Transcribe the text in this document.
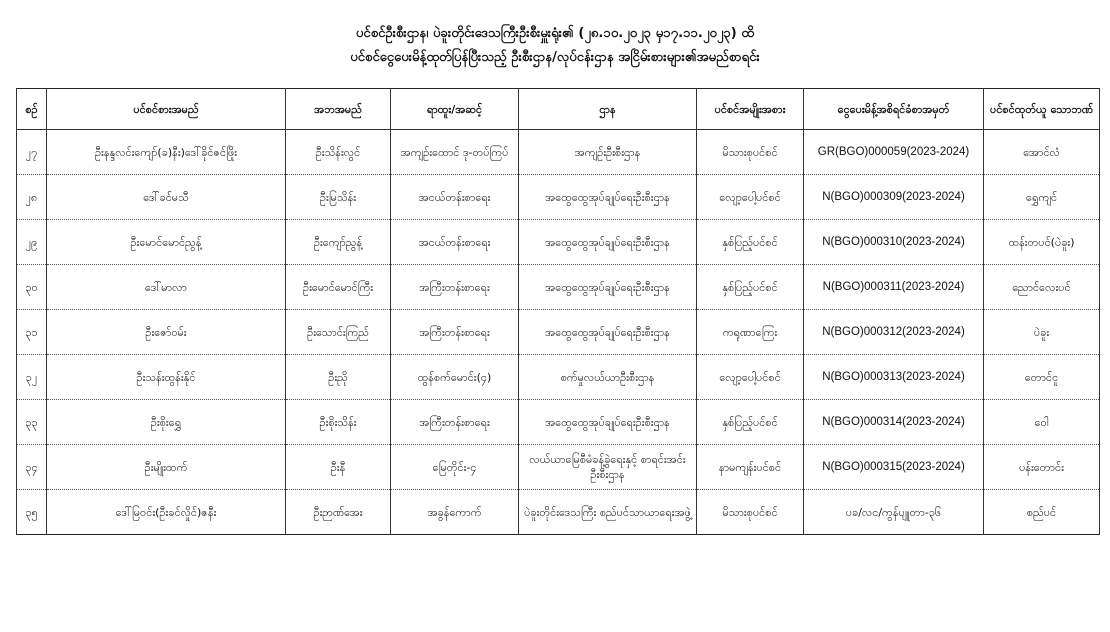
ပင်စင်ဦးစီးဌာန၊ ပဲခူးတိုင်းဒေသကြီးဦးစီးမှူးရုံး၏ (၂၈.၁၀.၂၀၂၃ မှ၁၇.၁၁.၂၀၂၃) ထိ
ပင်စင်ငွေပေးမိန့်ထုတ်ပြန်ပြီးသည့် ဦးစီးဌာန/လုပ်ငန်းဌာန အငြိမ်းစားများ၏အမည်စာရင်း
စဉ်	ပင်စင်စားအမည်	အဘအမည်	ရာထူး/အဆင့်	ဌာန	ပင်စင်အမျိုးအစား	ငွေပေးမိန့်အစိရင်ခံစာအမှတ်	ပင်စင်ထုတ်ယူ သောဘဏ်
၂၇	ဦးနန္ဒလင်းကျော်(ခ)နီး)ဒေါ်ခိုင်ဇင်ဖြိုး	ဦးသိန်းလွင်	အကျဉ်းထောင် ဒု-တပ်ကြပ်	အကျဉ်းဦးစီးဌာန	မိသားစုပင်စင်	GR(BGO)000059(2023-2024)	အောင်လံ
၂၈	ဒေါ်ခင်မသီ	ဦးမြသိန်း	အငယ်တန်းစာရေး	အထွေထွေအုပ်ချုပ်ရေးဦးစီးဌာန	လျော့ပေါ့ပင်စင်	N(BGO)000309(2023-2024)	ရွှေကျင်
၂၉	ဦးမောင်မောင်ညွန့်	ဦးကျော်ညွန့်	အငယ်တန်းစာရေး	အထွေထွေအုပ်ချုပ်ရေးဦးစီးဌာန	နှစ်ပြည့်ပင်စင်	N(BGO)000310(2023-2024)	ထန်းတပင်(ပဲခူး)
၃၀	ဒေါ်မာလာ	ဦးမောင်မောင်ကြီး	အကြီးတန်းစာရေး	အထွေထွေအုပ်ချုပ်ရေးဦးစီးဌာန	နှစ်ပြည့်ပင်စင်	N(BGO)000311(2023-2024)	ညောင်လေးပင်
၃၁	ဦးဇော်ဝမ်း	ဦးသောင်းကြည်	အကြီးတန်းစာရေး	အထွေထွေအုပ်ချုပ်ရေးဦးစီးဌာန	ကရုဏာကြေး	N(BGO)000312(2023-2024)	ပဲခူး
၃၂	ဦးသန်းထွန်းနိုင်	ဦးညို	ထွန်စက်မောင်း(၄)	စက်မှုလယ်ယာဦးစီးဌာန	လျော့ပေါ့ပင်စင်	N(BGO)000313(2023-2024)	တောင်ငူ
၃၃	ဦးစိုးရွှေ	ဦးစိုးသိန်း	အကြီးတန်းစာရေး	အထွေထွေအုပ်ချုပ်ရေးဦးစီးဌာန	နှစ်ပြည့်ပင်စင်	N(BGO)000314(2023-2024)	ဝေါ
၃၄	ဦးမျိုးထက်	ဦးနီ	မြေတိုင်း-၄	လယ်ယာမြေစီမံခန့်ခွဲရေးနှင့် စာရင်းအင်းဦးစီးဌာန	နာမကျန်းပင်စင်	N(BGO)000315(2023-2024)	ပန်းတောင်း
၃၅	ဒေါ်မြဝင်း(ဦးခင်လှိုင်)ဇနီး	ဦးဉာဏ်အေး	အခွန်ကောက်	ပဲခူးတိုင်းဒေသကြီး စည်ပင်သာယာရေးအဖွဲ့	မိသားစုပင်စင်	ပခ/လင/ကွန်ပျူတာ-၃၆	စည်ပင်
